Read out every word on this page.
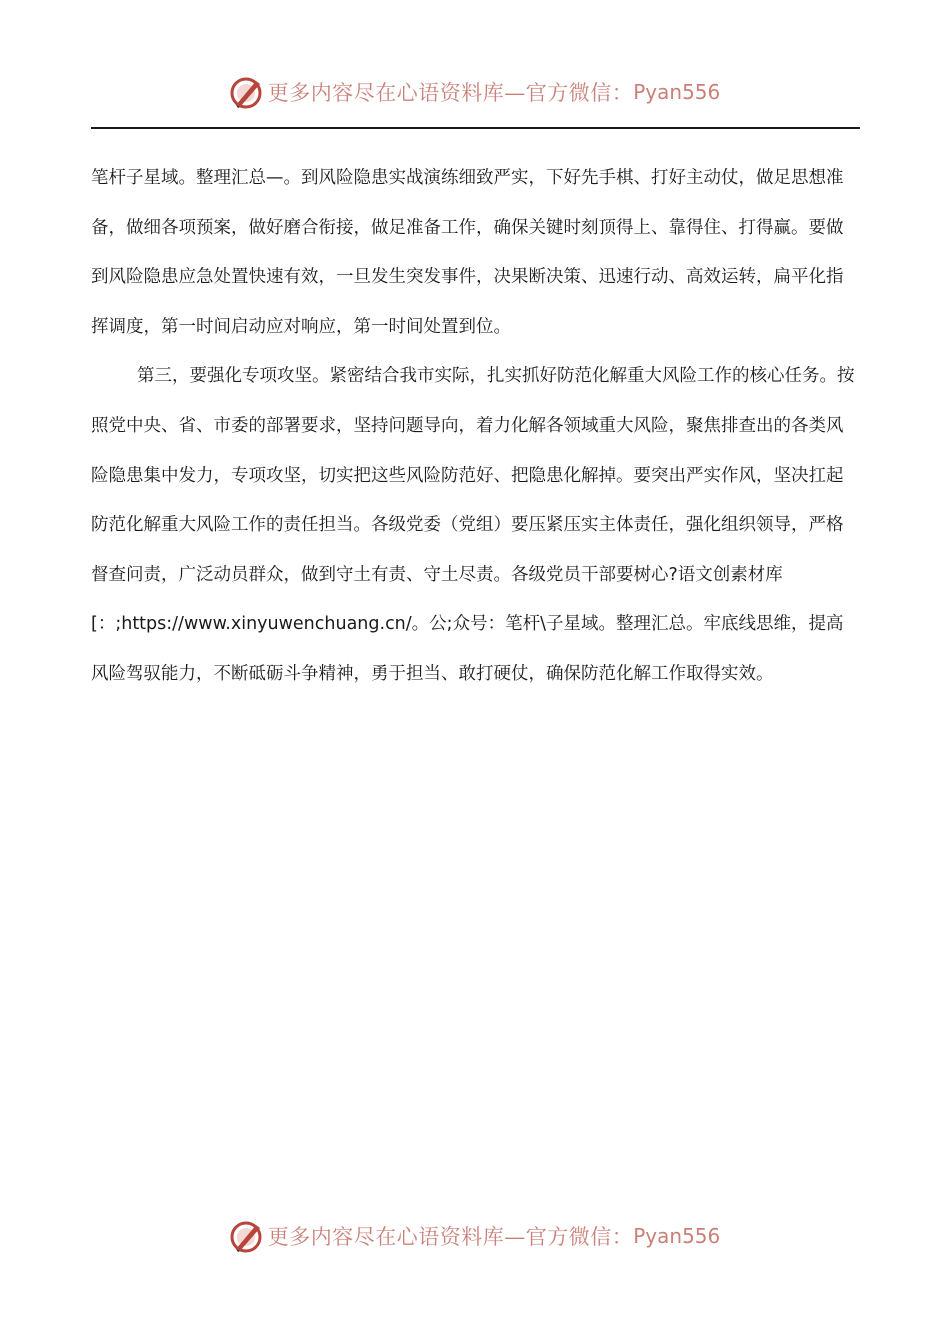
更多内容尽在心语资料库—官方微信： Pyan556
笔杆子星域。整理汇总—。到风险隐患实战演练细致严实，下好先手棋、打好主动仗，做足思想准
备，做细各项预案，做好磨合衔接，做足准备工作，确保关键时刻顶得上、靠得住、打得赢。要做
到风险隐患应急处置快速有效，一旦发生突发事件，决果断决策、迅速行动、高效运转，扁平化指
挥调度，第一时间启动应对响应，第一时间处置到位。
第三，要强化专项攻坚。紧密结合我市实际，扎实抓好防范化解重大风险工作的核心任务。按
照党中央、省、市委的部署要求，坚持问题导向，着力化解各领域重大风险，聚焦排查出的各类风
险隐患集中发力，专项攻坚，切实把这些风险防范好、把隐患化解掉。要突出严实作风，坚决扛起
防范化解重大风险工作的责任担当。各级党委（党组）要压紧压实主体责任，强化组织领导，严格
督查问责，广泛动员群众，做到守土有责、守土尽责。各级党员干部要树心?语文创素材库
[：;https://www.xinyuwenchuang.cn/。公;众号：笔杆\子星域。整理汇总。牢底线思维，提高
风险驾驭能力，不断砥砺斗争精神，勇于担当、敢打硬仗，确保防范化解工作取得实效。
更多内容尽在心语资料库—官方微信： Pyan556
